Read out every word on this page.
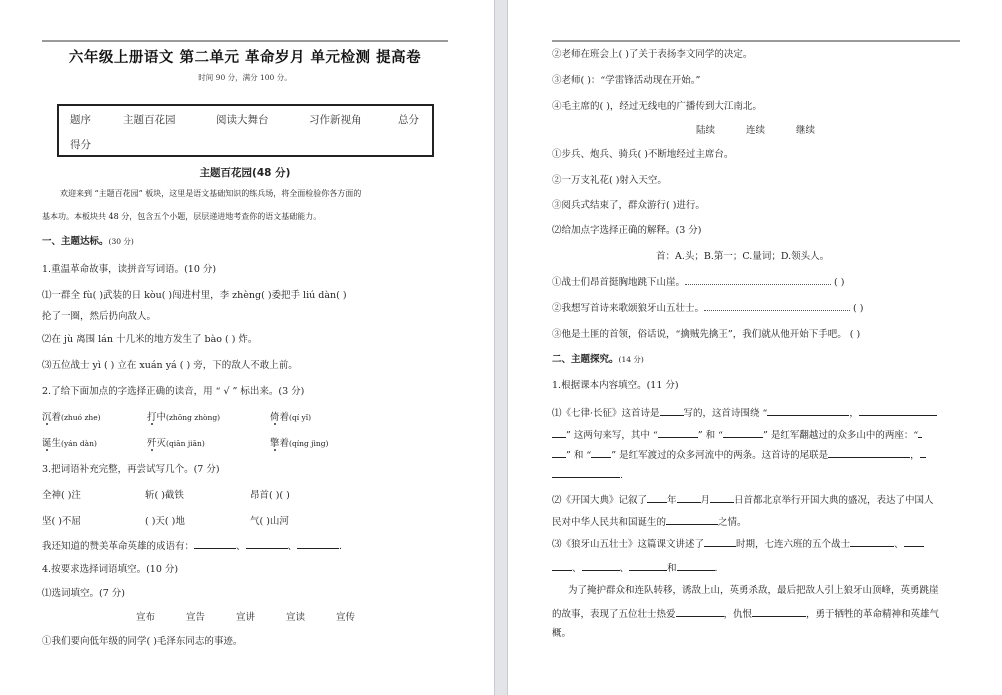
六年级上册语文 第二单元 革命岁月 单元检测 提高卷
时间 90 分，满分 100 分。
题序	主题百花园	阅读大舞台	习作新视角	总分
得分
主题百花园(48 分)
欢迎来到 “主题百花园” 板块，这里是语文基础知识的练兵场，将全面检验你各方面的
基本功。本板块共 48 分，包含五个小题，层层递进地考查你的语文基础能力。
一、主题达标。(30 分)
1.重温革命故事，读拼音写词语。(10 分)
⑴一群全 fù( )武装的日 kòu( )闯进村里，李 zhèng( )委把手 liú dàn( )
抡了一圈，然后扔向敌人。
⑵在 jù 离围 lán 十几米的地方发生了 bào ( ) 炸。
⑶五位战士 yì ( ) 立在 xuán yá ( ) 旁，下的敌人不敢上前。
2.了给下面加点的字选择正确的读音，用 “ √ ” 标出来。(3 分)
沉着(zhuó zhe)	打中(zhōng zhòng)	倚着(qí yǐ)
诞生(yán dàn)	歼灭(qiān jiān)	擎着(qíng jìng)
3.把词语补充完整，再尝试写几个。(7 分)
全神( )注	斩( )截铁	昂首( )( )
坚( )不屈	( )天( )地	气( )山河
我还知道的赞美革命英雄的成语有：	、	、	.
4.按要求选择词语填空。(10 分)
⑴选词填空。(7 分)
宣布	宣告	宣讲	宣读	宣传
①我们要向低年级的同学( )毛泽东同志的事迹。
②老师在班会上( )了关于表扬李文同学的决定。
③老师( )：“学雷锋活动现在开始。”
④毛主席的( )，经过无线电的广播传到大江南北。
陆续	连续	继续
①步兵、炮兵、骑兵( )不断地经过主席台。
②一万支礼花( )射入天空。
③阅兵式结束了，群众游行( )进行。
⑵给加点字选择正确的解释。(3 分)
首：A.头；B.第一；C.量词；D.领头人。
①战士们昂首挺胸地跳下山崖。	( )
②我想写首诗来歌颂狼牙山五壮士。	( )
③他是土匪的首领，俗话说，“擒贼先擒王”，我们就从他开始下手吧。 ( )
二、主题探究。(14 分)
1.根据课本内容填空。(11 分)
⑴《七律·长征》这首诗是	写的，这首诗围绕 “	，
” 这两句来写，其中 “	” 和 “	” 是红军翻越过的众多山中的两座：“
” 和 “ ” 是红军渡过的众多河流中的两条。这首诗的尾联是	，
.
⑵《开国大典》记叙了 年	月	日首都北京举行开国大典的盛况，表达了中国人
民对中华人民共和国诞生的	之情。
⑶《狼牙山五壮士》这篇课文讲述了	时期，七连六班的五个战士	、
、	、	和	.
为了掩护群众和连队转移，诱敌上山，英勇杀敌，最后把敌人引上狼牙山顶峰，英勇跳崖
的故事，表现了五位壮士热爱	，仇恨	，勇于牺牲的革命精神和英雄气
概。
